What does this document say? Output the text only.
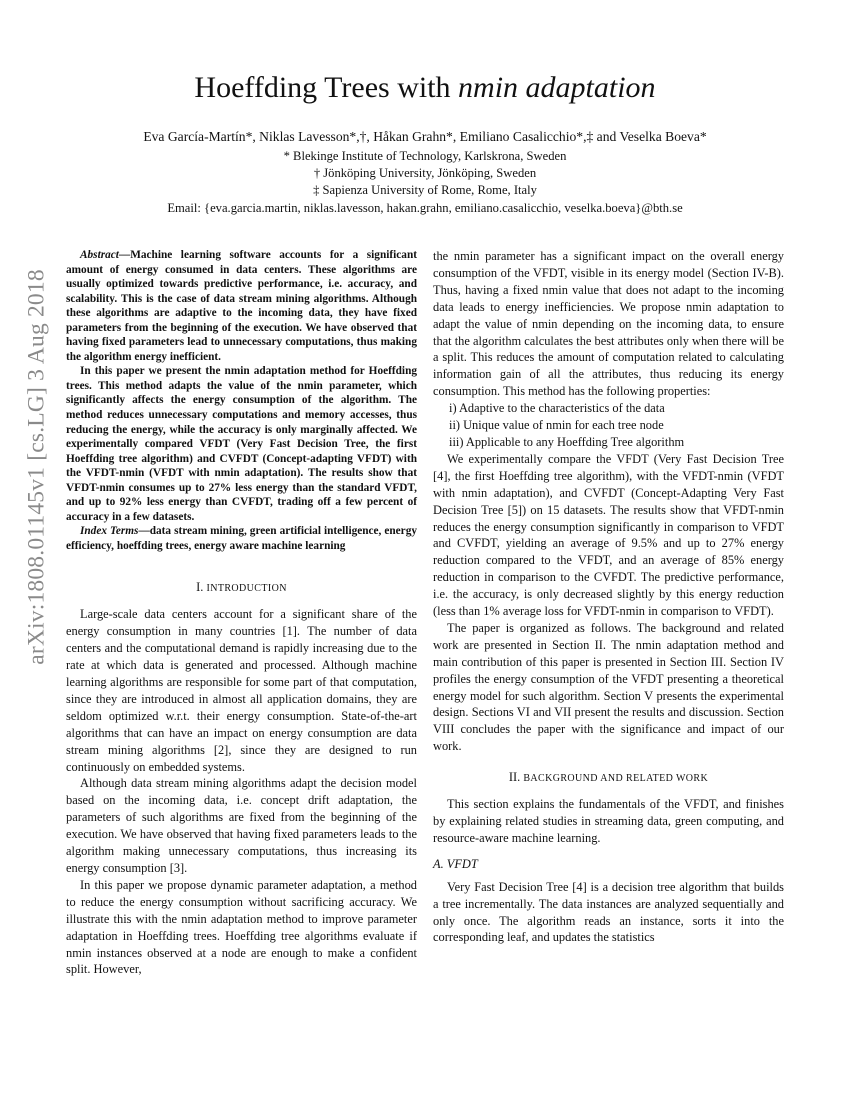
arXiv:1808.01145v1 [cs.LG] 3 Aug 2018
Hoeffding Trees with nmin adaptation
Eva García-Martín*, Niklas Lavesson*,†, Håkan Grahn*, Emiliano Casalicchio*,‡ and Veselka Boeva*
* Blekinge Institute of Technology, Karlskrona, Sweden
† Jönköping University, Jönköping, Sweden
‡ Sapienza University of Rome, Rome, Italy
Email: {eva.garcia.martin, niklas.lavesson, hakan.grahn, emiliano.casalicchio, veselka.boeva}@bth.se

Abstract—Machine learning software accounts for a significant amount of energy consumed in data centers. These algorithms are usually optimized towards predictive performance, i.e. accuracy, and scalability. This is the case of data stream mining algorithms. Although these algorithms are adaptive to the incoming data, they have fixed parameters from the beginning of the execution. We have observed that having fixed parameters lead to unnecessary computations, thus making the algorithm energy inefficient.

In this paper we present the nmin adaptation method for Hoeffding trees. This method adapts the value of the nmin parameter, which significantly affects the energy consumption of the algorithm. The method reduces unnecessary computations and memory accesses, thus reducing the energy, while the accuracy is only marginally affected. We experimentally compared VFDT (Very Fast Decision Tree, the first Hoeffding tree algorithm) and CVFDT (Concept-adapting VFDT) with the VFDT-nmin (VFDT with nmin adaptation). The results show that VFDT-nmin consumes up to 27% less energy than the standard VFDT, and up to 92% less energy than CVFDT, trading off a few percent of accuracy in a few datasets.

Index Terms—data stream mining, green artificial intelligence, energy efficiency, hoeffding trees, energy aware machine learning

I. INTRODUCTION

Large-scale data centers account for a significant share of the energy consumption in many countries [1]. The number of data centers and the computational demand is rapidly increasing due to the rate at which data is generated and processed. Although machine learning algorithms are responsible for some part of that computation, since they are introduced in almost all application domains, they are seldom optimized w.r.t. their energy consumption. State-of-the-art algorithms that can have an impact on energy consumption are data stream mining algorithms [2], since they are designed to run continuously on embedded systems.

Although data stream mining algorithms adapt the decision model based on the incoming data, i.e. concept drift adaptation, the parameters of such algorithms are fixed from the beginning of the execution. We have observed that having fixed parameters leads to the algorithm making unnecessary computations, thus increasing its energy consumption [3].

In this paper we propose dynamic parameter adaptation, a method to reduce the energy consumption without sacrificing accuracy. We illustrate this with the nmin adaptation method to improve parameter adaptation in Hoeffding trees. Hoeffding tree algorithms evaluate if nmin instances observed at a node are enough to make a confident split. However,

the nmin parameter has a significant impact on the overall energy consumption of the VFDT, visible in its energy model (Section IV-B). Thus, having a fixed nmin value that does not adapt to the incoming data leads to energy inefficiencies. We propose nmin adaptation to adapt the value of nmin depending on the incoming data, to ensure that the algorithm calculates the best attributes only when there will be a split. This reduces the amount of computation related to calculating information gain of all the attributes, thus reducing its energy consumption. This method has the following properties:

i) Adaptive to the characteristics of the data
ii) Unique value of nmin for each tree node
iii) Applicable to any Hoeffding Tree algorithm

We experimentally compare the VFDT (Very Fast Decision Tree [4], the first Hoeffding tree algorithm), with the VFDT-nmin (VFDT with nmin adaptation), and CVFDT (Concept-Adapting Very Fast Decision Tree [5]) on 15 datasets. The results show that VFDT-nmin reduces the energy consumption significantly in comparison to VFDT and CVFDT, yielding an average of 9.5% and up to 27% energy reduction compared to the VFDT, and an average of 85% energy reduction in comparison to the CVFDT. The predictive performance, i.e. the accuracy, is only decreased slightly by this energy reduction (less than 1% average loss for VFDT-nmin in comparison to VFDT).

The paper is organized as follows. The background and related work are presented in Section II. The nmin adaptation method and main contribution of this paper is presented in Section III. Section IV profiles the energy consumption of the VFDT presenting a theoretical energy model for such algorithm. Section V presents the experimental design. Sections VI and VII present the results and discussion. Section VIII concludes the paper with the significance and impact of our work.

II. BACKGROUND AND RELATED WORK

This section explains the fundamentals of the VFDT, and finishes by explaining related studies in streaming data, green computing, and resource-aware machine learning.

A. VFDT

Very Fast Decision Tree [4] is a decision tree algorithm that builds a tree incrementally. The data instances are analyzed sequentially and only once. The algorithm reads an instance, sorts it into the corresponding leaf, and updates the statistics
